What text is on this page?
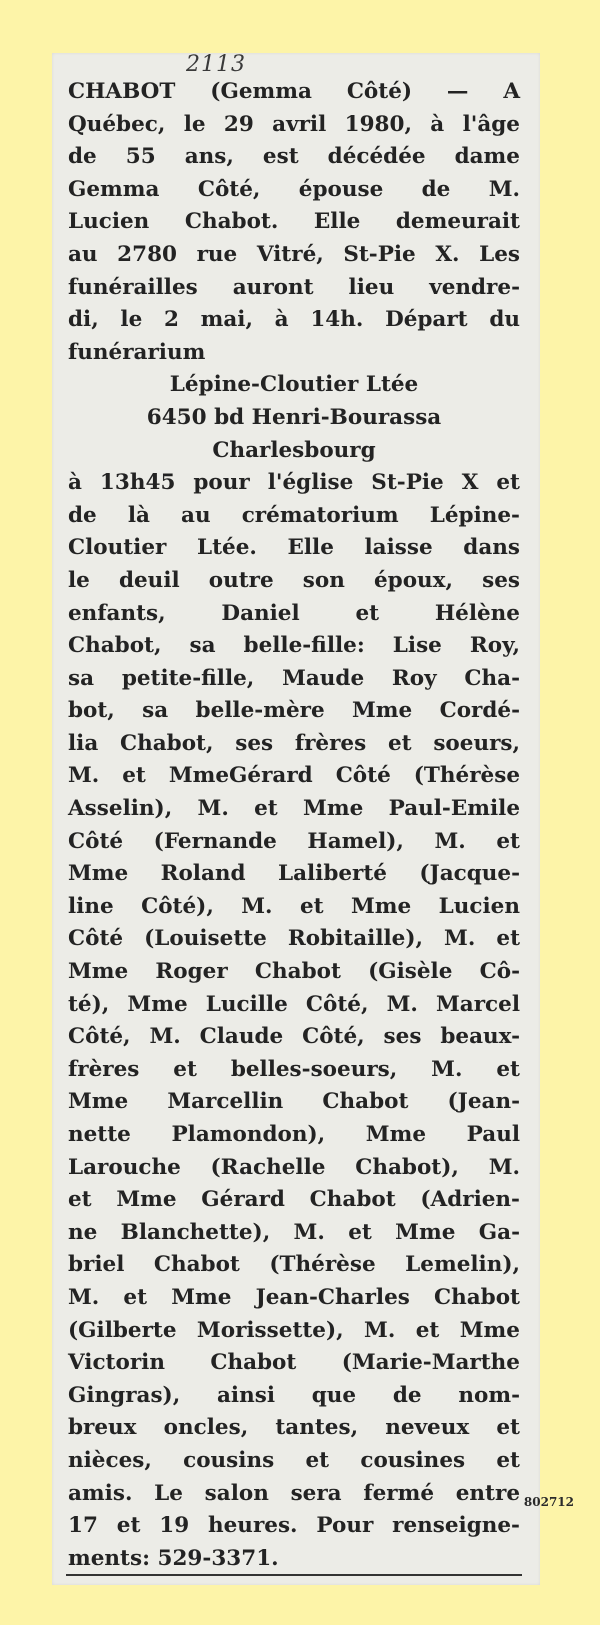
2113
CHABOT (Gemma Côté) — A
Québec, le 29 avril 1980, à l'âge
de 55 ans, est décédée dame
Gemma Côté, épouse de M.
Lucien Chabot. Elle demeurait
au 2780 rue Vitré, St-Pie X. Les
funérailles auront lieu vendre-
di, le 2 mai, à 14h. Départ du
funérarium
Lépine-Cloutier Ltée
6450 bd Henri-Bourassa
Charlesbourg
à 13h45 pour l'église St-Pie X et
de là au crématorium Lépine-
Cloutier Ltée. Elle laisse dans
le deuil outre son époux, ses
enfants, Daniel et Hélène
Chabot, sa belle-fille: Lise Roy,
sa petite-fille, Maude Roy Cha-
bot, sa belle-mère Mme Cordé-
lia Chabot, ses frères et soeurs,
M. et MmeGérard Côté (Thérèse
Asselin), M. et Mme Paul-Emile
Côté (Fernande Hamel), M. et
Mme Roland Laliberté (Jacque-
line Côté), M. et Mme Lucien
Côté (Louisette Robitaille), M. et
Mme Roger Chabot (Gisèle Cô-
té), Mme Lucille Côté, M. Marcel
Côté, M. Claude Côté, ses beaux-
frères et belles-soeurs, M. et
Mme Marcellin Chabot (Jean-
nette Plamondon), Mme Paul
Larouche (Rachelle Chabot), M.
et Mme Gérard Chabot (Adrien-
ne Blanchette), M. et Mme Ga-
briel Chabot (Thérèse Lemelin),
M. et Mme Jean-Charles Chabot
(Gilberte Morissette), M. et Mme
Victorin Chabot (Marie-Marthe
Gingras), ainsi que de nom-
breux oncles, tantes, neveux et
nièces, cousins et cousines et
amis. Le salon sera fermé entre
17 et 19 heures. Pour renseigne-
ments: 529-3371.
802712
